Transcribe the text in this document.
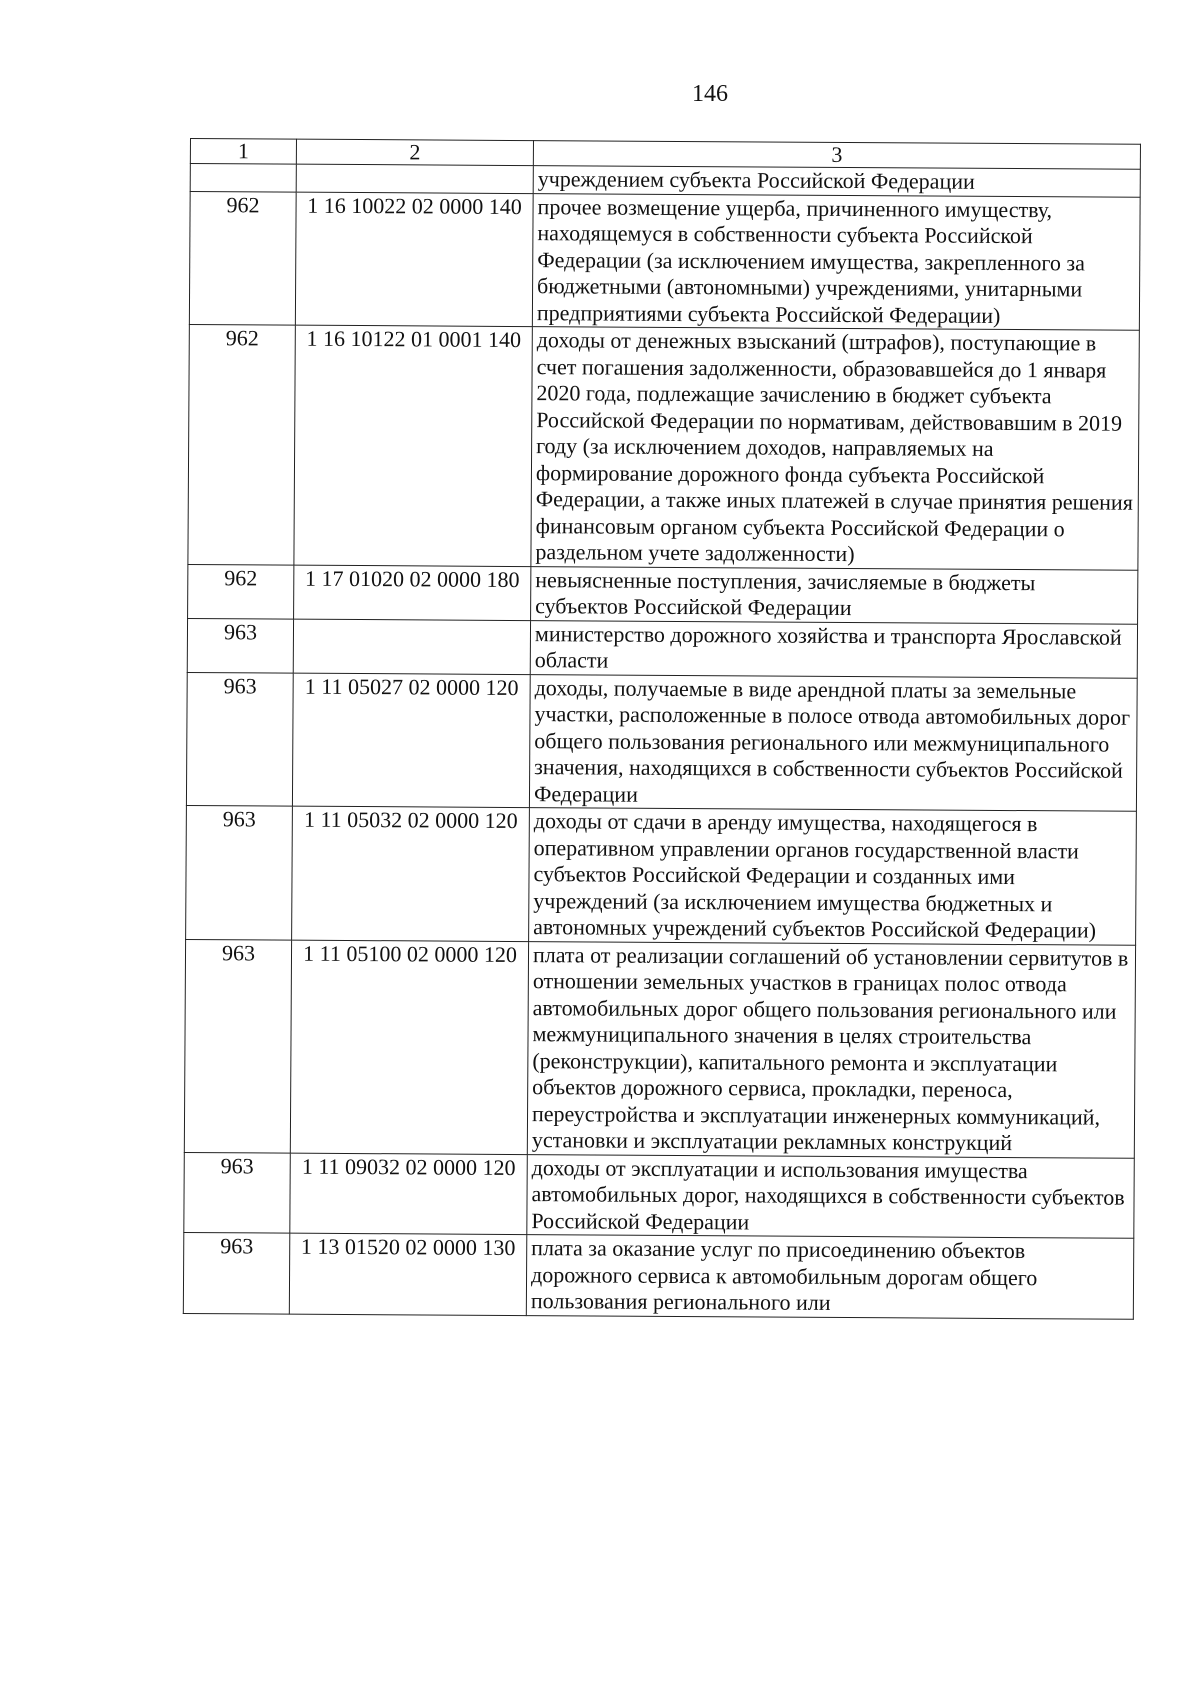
146
1	2	3
		учреждением субъекта Российской Федерации
962	1 16 10022 02 0000 140	прочее возмещение ущерба, причиненного имуществу, находящемуся в собственности субъекта Российской Федерации (за исключением имущества, закрепленного за бюджетными (автономными) учреждениями, унитарными предприятиями субъекта Российской Федерации)
962	1 16 10122 01 0001 140	доходы от денежных взысканий (штрафов), поступающие в счет погашения задолженности, образовавшейся до 1 января 2020 года, подлежащие зачислению в бюджет субъекта Российской Федерации по нормативам, действовавшим в 2019 году (за исключением доходов, направляемых на формирование дорожного фонда субъекта Российской Федерации, а также иных платежей в случае принятия решения финансовым органом субъекта Российской Федерации о раздельном учете задолженности)
962	1 17 01020 02 0000 180	невыясненные поступления, зачисляемые в бюджеты субъектов Российской Федерации
963		министерство дорожного хозяйства и транспорта Ярославской области
963	1 11 05027 02 0000 120	доходы, получаемые в виде арендной платы за земельные участки, расположенные в полосе отвода автомобильных дорог общего пользования регионального или межмуниципального значения, находящихся в собственности субъектов Российской Федерации
963	1 11 05032 02 0000 120	доходы от сдачи в аренду имущества, находящегося в оперативном управлении органов государственной власти субъектов Российской Федерации и созданных ими учреждений (за исключением имущества бюджетных и автономных учреждений субъектов Российской Федерации)
963	1 11 05100 02 0000 120	плата от реализации соглашений об установлении сервитутов в отношении земельных участков в границах полос отвода автомобильных дорог общего пользования регионального или межмуниципального значения в целях строительства (реконструкции), капитального ремонта и эксплуатации объектов дорожного сервиса, прокладки, переноса, переустройства и эксплуатации инженерных коммуникаций, установки и эксплуатации рекламных конструкций
963	1 11 09032 02 0000 120	доходы от эксплуатации и использования имущества автомобильных дорог, находящихся в собственности субъектов Российской Федерации
963	1 13 01520 02 0000 130	плата за оказание услуг по присоединению объектов дорожного сервиса к автомобильным дорогам общего пользования регионального или
